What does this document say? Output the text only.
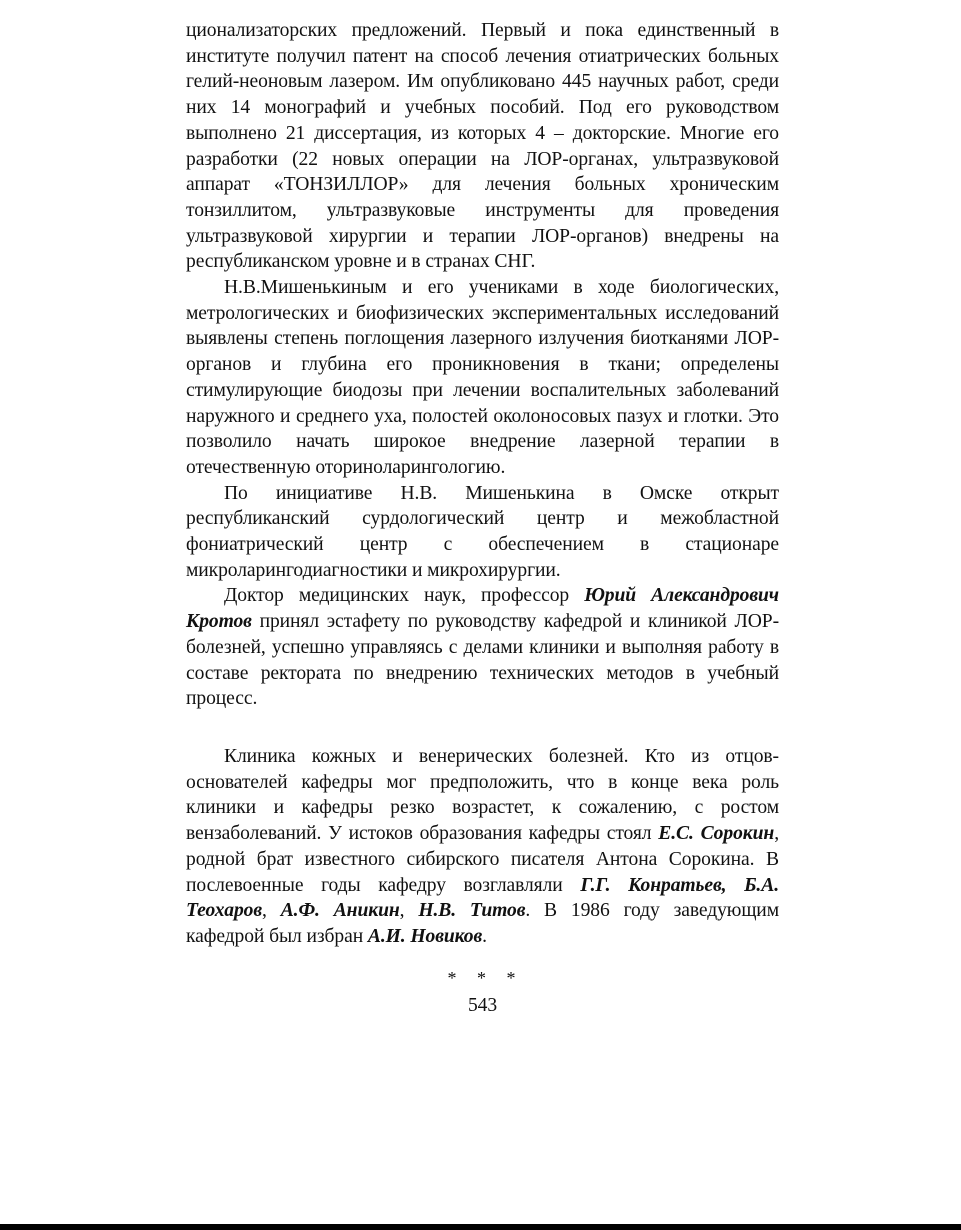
ционализаторских предложений. Первый и пока единственный в институте получил патент на способ лечения отиатрических больных гелий-неоновым лазером. Им опубликовано 445 научных работ, среди них 14 монографий и учебных пособий. Под его руководством выполнено 21 диссертация, из которых 4 – докторские. Многие его разработки (22 новых операции на ЛОР-органах, ультразвуковой аппарат «ТОНЗИЛЛОР» для лечения больных хроническим тонзиллитом, ультразвуковые инструменты для проведения ультразвуковой хирургии и терапии ЛОР-органов) внедрены на республиканском уровне и в странах СНГ.

Н.В.Мишенькиным и его учениками в ходе биологических, метрологических и биофизических экспериментальных исследований выявлены степень поглощения лазерного излучения биотканями ЛОР-органов и глубина его проникновения в ткани; определены стимулирующие биодозы при лечении воспалительных заболеваний наружного и среднего уха, полостей околоносовых пазух и глотки. Это позволило начать широкое внедрение лазерной терапии в отечественную оториноларингологию.

По инициативе Н.В. Мишенькина в Омске открыт республиканский сурдологический центр и межобластной фониатрический центр с обеспечением в стационаре микроларингодиагностики и микрохирургии.

Доктор медицинских наук, профессор Юрий Александрович Кротов принял эстафету по руководству кафедрой и клиникой ЛОР-болезней, успешно управляясь с делами клиники и выполняя работу в составе ректората по внедрению технических методов в учебный процесс.

Клиника кожных и венерических болезней. Кто из отцов-основателей кафедры мог предположить, что в конце века роль клиники и кафедры резко возрастет, к сожалению, с ростом вензаболеваний. У истоков образования кафедры стоял Е.С. Сорокин, родной брат известного сибирского писателя Антона Сорокина. В послевоенные годы кафедру возглавляли Г.Г. Конратьев, Б.А. Теохаров, А.Ф. Аникин, Н.В. Титов. В 1986 году заведующим кафедрой был избран А.И. Новиков.

* * *
543
